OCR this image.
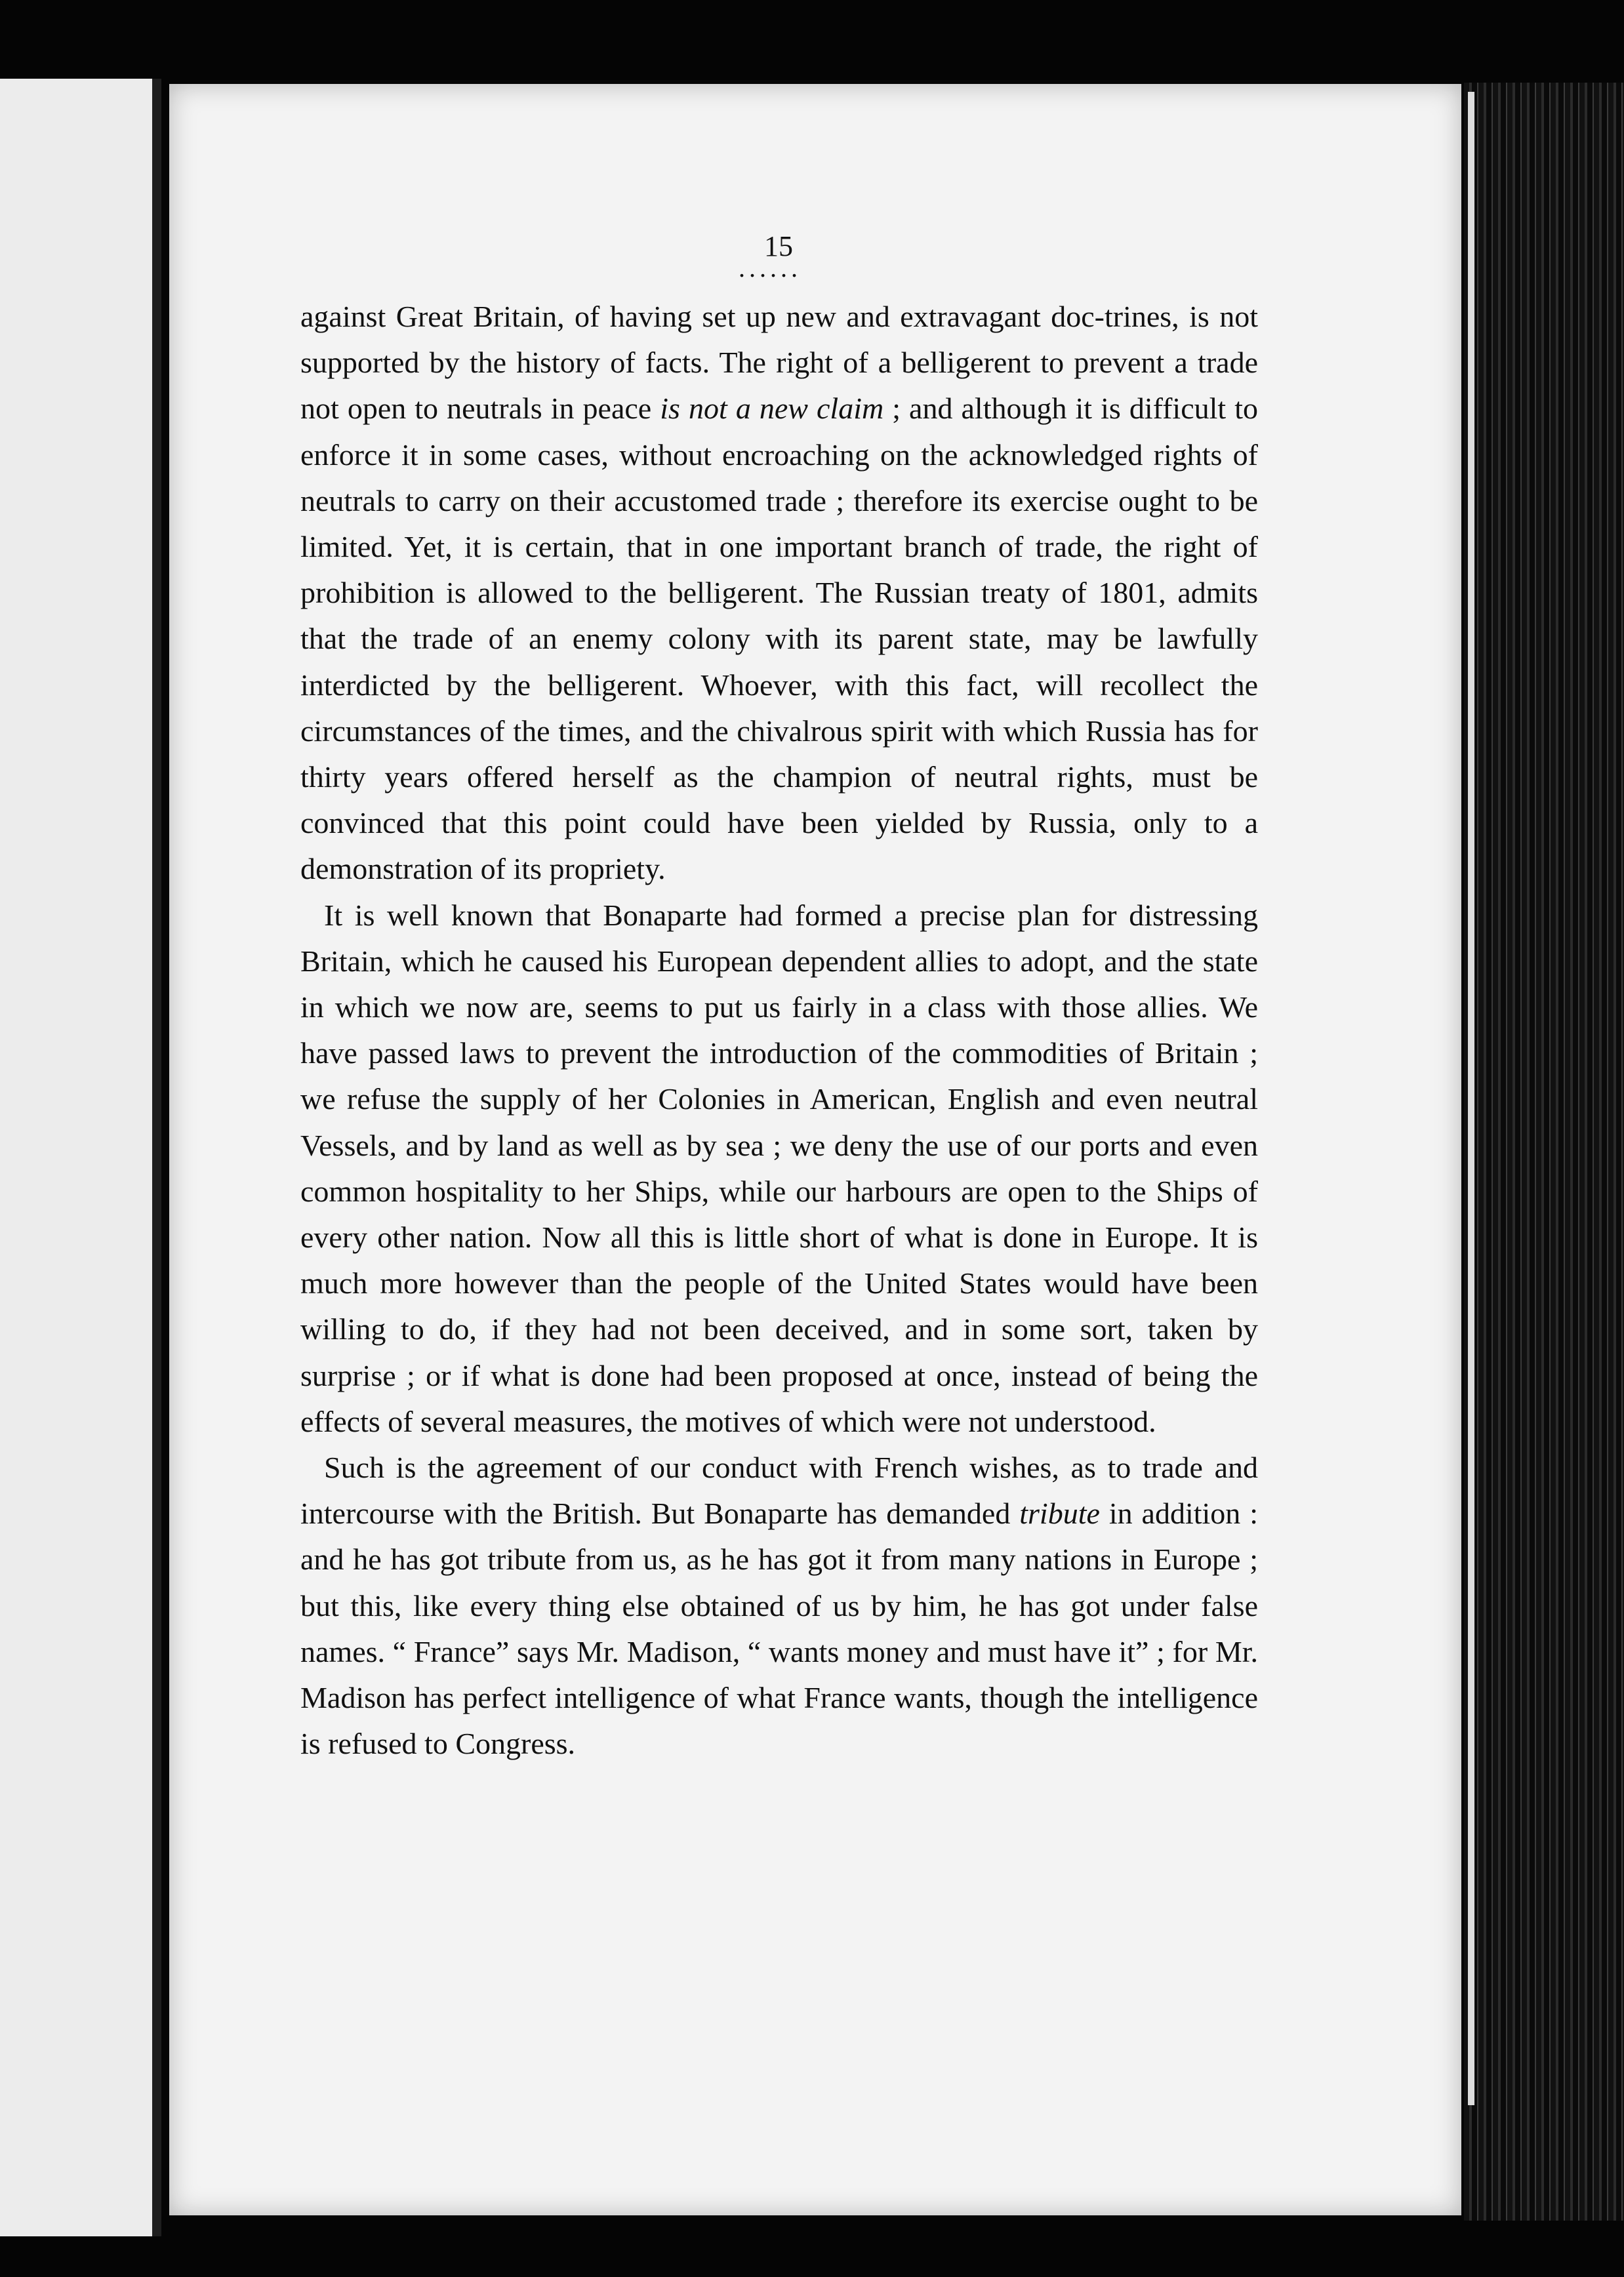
15
......

against Great Britain, of having set up new and extravagant doc-trines, is not supported by the history of facts. The right of a belligerent to prevent a trade not open to neutrals in peace is not a new claim ; and although it is difficult to enforce it in some cases, without encroaching on the acknowledged rights of neutrals to carry on their accustomed trade ; therefore its exercise ought to be limited. Yet, it is certain, that in one important branch of trade, the right of prohibition is allowed to the belligerent. The Russian treaty of 1801, admits that the trade of an enemy colony with its parent state, may be lawfully interdicted by the belligerent. Whoever, with this fact, will recollect the circumstances of the times, and the chivalrous spirit with which Russia has for thirty years offered herself as the champion of neutral rights, must be convinced that this point could have been yielded by Russia, only to a demonstration of its propriety.

It is well known that Bonaparte had formed a precise plan for distressing Britain, which he caused his European dependent allies to adopt, and the state in which we now are, seems to put us fairly in a class with those allies. We have passed laws to prevent the introduction of the commodities of Britain ; we refuse the supply of her Colonies in American, English and even neutral Vessels, and by land as well as by sea ; we deny the use of our ports and even common hospitality to her Ships, while our harbours are open to the Ships of every other nation. Now all this is little short of what is done in Europe. It is much more however than the people of the United States would have been willing to do, if they had not been deceived, and in some sort, taken by surprise ; or if what is done had been proposed at once, instead of being the effects of several measures, the motives of which were not understood.

Such is the agreement of our conduct with French wishes, as to trade and intercourse with the British. But Bonaparte has demanded tribute in addition : and he has got tribute from us, as he has got it from many nations in Europe ; but this, like every thing else obtained of us by him, he has got under false names. “ France” says Mr. Madison, “ wants money and must have it” ; for Mr. Madison has perfect intelligence of what France wants, though the intelligence is refused to Congress.
